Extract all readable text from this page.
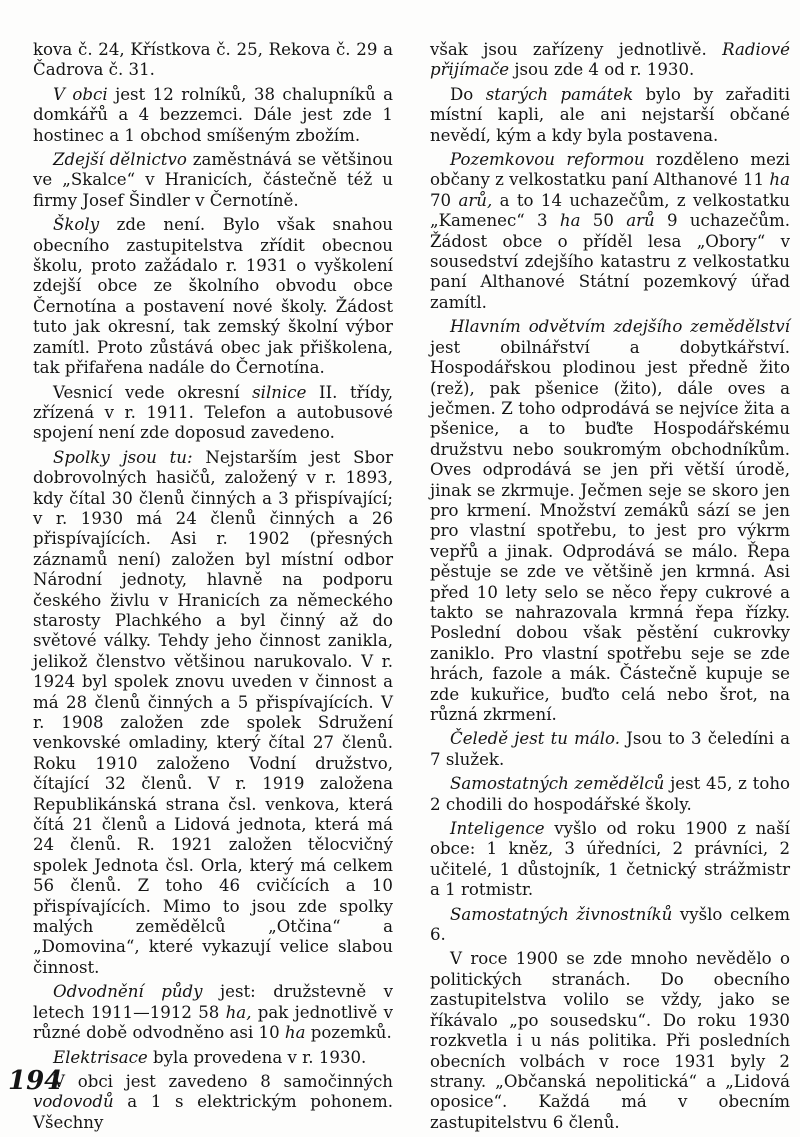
kova č. 24, Křístkova č. 25, Rekova č. 29 a Čadrova č. 31.

V obci jest 12 rolníků, 38 chalupníků a domkářů a 4 bezzemci. Dále jest zde 1 hostinec a 1 obchod smíšeným zbožím.

Zdejší dělnictvo zaměstnává se většinou ve „Skalce“ v Hranicích, částečně též u firmy Josef Šindler v Černotíně.

Školy zde není. Bylo však snahou obecního zastupitelstva zřídit obecnou školu, proto zažádalo r. 1931 o vyškolení zdejší obce ze školního obvodu obce Černotína a postavení nové školy. Žádost tuto jak okresní, tak zemský školní výbor zamítl. Proto zůstává obec jak přiškolena, tak přifařena nadále do Černotína.

Vesnicí vede okresní silnice II. třídy, zřízená v r. 1911. Telefon a autobusové spojení není zde doposud zavedeno.

Spolky jsou tu: Nejstarším jest Sbor dobrovolných hasičů, založený v r. 1893, kdy čítal 30 členů činných a 3 přispívající; v r. 1930 má 24 členů činných a 26 přispívajících. Asi r. 1902 (přesných záznamů není) založen byl místní odbor Národní jednoty, hlavně na podporu českého živlu v Hranicích za německého starosty Plachkého a byl činný až do světové války. Tehdy jeho činnost zanikla, jelikož členstvo většinou narukovalo. V r. 1924 byl spolek znovu uveden v činnost a má 28 členů činných a 5 přispívajících. V r. 1908 založen zde spolek Sdružení venkovské omladiny, který čítal 27 členů. Roku 1910 založeno Vodní družstvo, čítající 32 členů. V r. 1919 založena Republikánská strana čsl. venkova, která čítá 21 členů a Lidová jednota, která má 24 členů. R. 1921 založen tělocvičný spolek Jednota čsl. Orla, který má celkem 56 členů. Z toho 46 cvičících a 10 přispívajících. Mimo to jsou zde spolky malých zemědělců „Otčina“ a „Domovina“, které vykazují velice slabou činnost.

Odvodnění půdy jest: družstevně v letech 1911—1912 58 ha, pak jednotlivě v různé době odvodněno asi 10 ha pozemků.

Elektrisace byla provedena v r. 1930.

V obci jest zavedeno 8 samočinných vodovodů a 1 s elektrickým pohonem. Všechny

však jsou zařízeny jednotlivě. Radiové přijímače jsou zde 4 od r. 1930.

Do starých památek bylo by zařaditi místní kapli, ale ani nejstarší občané nevědí, kým a kdy byla postavena.

Pozemkovou reformou rozděleno mezi občany z velkostatku paní Althanové 11 ha 70 arů, a to 14 uchazečům, z velkostatku „Kamenec“ 3 ha 50 arů 9 uchazečům. Žádost obce o příděl lesa „Obory“ v sousedství zdejšího katastru z velkostatku paní Althanové Státní pozemkový úřad zamítl.

Hlavním odvětvím zdejšího zemědělství jest obilnářství a dobytkářství. Hospodářskou plodinou jest předně žito (rež), pak pšenice (žito), dále oves a ječmen. Z toho odprodává se nejvíce žita a pšenice, a to buďte Hospodářskému družstvu nebo soukromým obchodníkům. Oves odprodává se jen při větší úrodě, jinak se zkrmuje. Ječmen seje se skoro jen pro krmení. Množství zemáků sází se jen pro vlastní spotřebu, to jest pro výkrm vepřů a jinak. Odprodává se málo. Řepa pěstuje se zde ve většině jen krmná. Asi před 10 lety selo se něco řepy cukrové a takto se nahrazovala krmná řepa řízky. Poslední dobou však pěstění cukrovky zaniklo. Pro vlastní spotřebu seje se zde hrách, fazole a mák. Částečně kupuje se zde kukuřice, buďto celá nebo šrot, na různá zkrmení.

Čeledě jest tu málo. Jsou to 3 čeledíni a 7 služek.

Samostatných zemědělců jest 45, z toho 2 chodili do hospodářské školy.

Inteligence vyšlo od roku 1900 z naší obce: 1 kněz, 3 úředníci, 2 právníci, 2 učitelé, 1 důstojník, 1 četnický strážmistr a 1 rotmistr.

Samostatných živnostníků vyšlo celkem 6.

V roce 1900 se zde mnoho nevědělo o politických stranách. Do obecního zastupitelstva volilo se vždy, jako se říkávalo „po sousedsku“. Do roku 1930 rozkvetla i u nás politika. Při posledních obecních volbách v roce 1931 byly 2 strany. „Občanská nepolitická“ a „Lidová oposice“. Každá má v obecním zastupitelstvu 6 členů.

194
